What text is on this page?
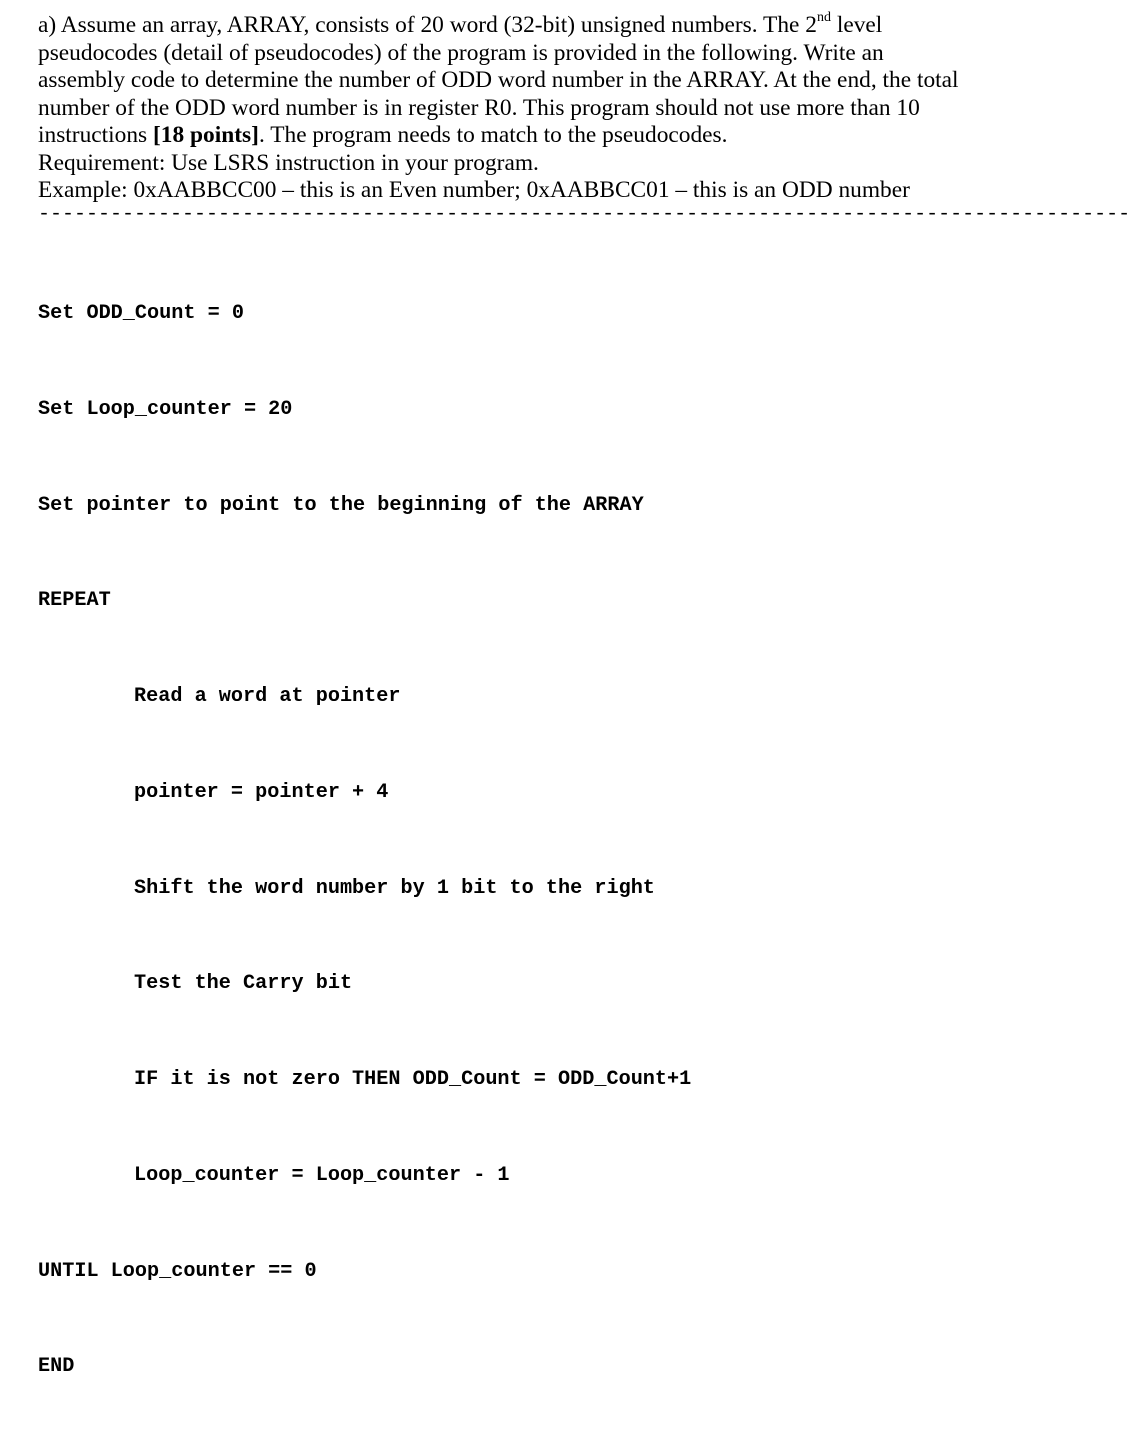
a) Assume an array, ARRAY, consists of 20 word (32-bit) unsigned numbers. The 2nd level
pseudocodes (detail of pseudocodes) of the program is provided in the following. Write an
assembly code to determine the number of ODD word number in the ARRAY. At the end, the total
number of the ODD word number is in register R0. This program should not use more than 10
instructions [18 points]. The program needs to match to the pseudocodes.
Requirement: Use LSRS instruction in your program.
Example: 0xAABBCC00 – this is an Even number; 0xAABBCC01 – this is an ODD number
-------------------------------------------------------------------------------------------

Set ODD_Count = 0

Set Loop_counter = 20

Set pointer to point to the beginning of the ARRAY

REPEAT

Read a word at pointer

pointer = pointer + 4

Shift the word number by 1 bit to the right

Test the Carry bit

IF it is not zero THEN ODD_Count = ODD_Count+1

Loop_counter = Loop_counter - 1

UNTIL Loop_counter == 0

END
